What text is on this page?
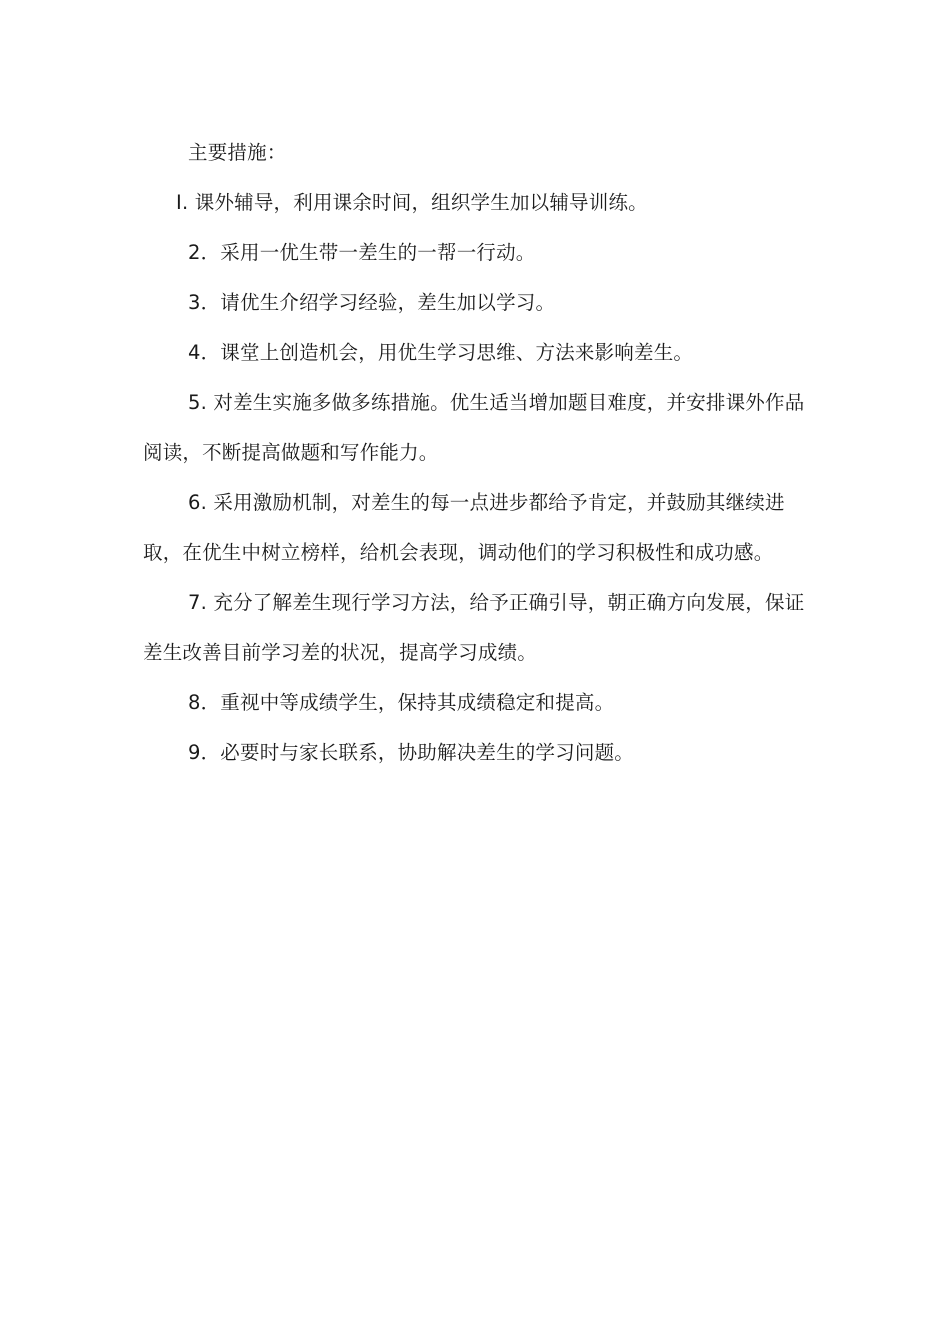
主要措施：

Ⅰ. 课外辅导，利用课余时间，组织学生加以辅导训练。

2．采用一优生带一差生的一帮一行动。

3．请优生介绍学习经验，差生加以学习。

4．课堂上创造机会，用优生学习思维、方法来影响差生。

5. 对差生实施多做多练措施。优生适当增加题目难度，并安排课外作品阅读，不断提高做题和写作能力。

6. 采用激励机制，对差生的每一点进步都给予肯定，并鼓励其继续进取，在优生中树立榜样，给机会表现，调动他们的学习积极性和成功感。

7. 充分了解差生现行学习方法，给予正确引导，朝正确方向发展，保证差生改善目前学习差的状况，提高学习成绩。

8．重视中等成绩学生，保持其成绩稳定和提高。

9．必要时与家长联系，协助解决差生的学习问题。
